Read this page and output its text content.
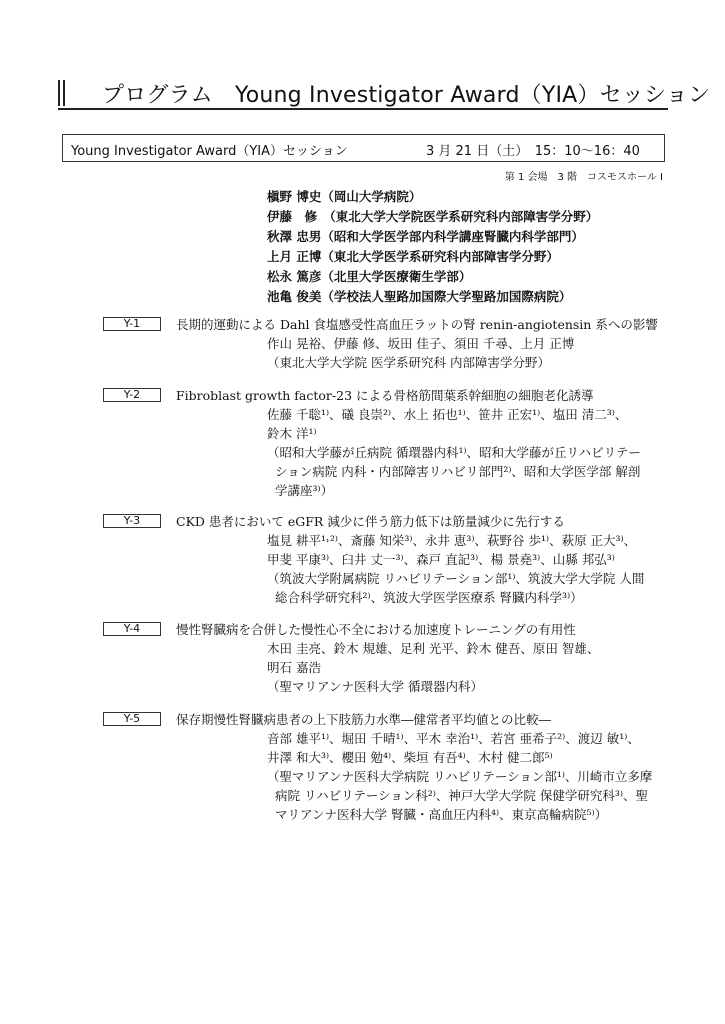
プログラム　Young Investigator Award（YIA）セッション
Young Investigator Award（YIA）セッション	3 月 21 日（土）　15：10〜16：40
第 1 会場　3 階　コスモスホール I
槇野 博史（岡山大学病院）
伊藤　修　（東北大学大学院医学系研究科内部障害学分野）
秋澤 忠男（昭和大学医学部内科学講座腎臓内科学部門）
上月 正博（東北大学医学系研究科内部障害学分野）
松永 篤彦（北里大学医療衛生学部）
池亀 俊美（学校法人聖路加国際大学聖路加国際病院）
Y-1	長期的運動による Dahl 食塩感受性高血圧ラットの腎 renin-angiotensin 系への影響
作山 晃裕、伊藤 修、坂田 佳子、須田 千尋、上月 正博
（東北大学大学院 医学系研究科 内部障害学分野）
Y-2	Fibroblast growth factor-23 による骨格筋間葉系幹細胞の細胞老化誘導
佐藤 千聡¹⁾、礒 良崇²⁾、水上 拓也¹⁾、笹井 正宏¹⁾、塩田 清二³⁾、
鈴木 洋¹⁾
（昭和大学藤が丘病院 循環器内科¹⁾、昭和大学藤が丘リハビリテー
ション病院 内科・内部障害リハビリ部門²⁾、昭和大学医学部 解剖
学講座³⁾）
Y-3	CKD 患者において eGFR 減少に伴う筋力低下は筋量減少に先行する
塩見 耕平¹˒²⁾、斎藤 知栄³⁾、永井 恵³⁾、萩野谷 歩¹⁾、萩原 正大³⁾、
甲斐 平康³⁾、臼井 丈一³⁾、森戸 直記³⁾、楊 景堯³⁾、山縣 邦弘³⁾
（筑波大学附属病院 リハビリテーション部¹⁾、筑波大学大学院 人間
総合科学研究科²⁾、筑波大学医学医療系 腎臓内科学³⁾）
Y-4	慢性腎臓病を合併した慢性心不全における加速度トレーニングの有用性
木田 圭亮、鈴木 規雄、足利 光平、鈴木 健吾、原田 智雄、
明石 嘉浩
（聖マリアンナ医科大学 循環器内科）
Y-5	保存期慢性腎臓病患者の上下肢筋力水準―健常者平均値との比較―
音部 雄平¹⁾、堀田 千晴¹⁾、平木 幸治¹⁾、若宮 亜希子²⁾、渡辺 敏¹⁾、
井澤 和大³⁾、櫻田 勉⁴⁾、柴垣 有吾⁴⁾、木村 健二郎⁵⁾
（聖マリアンナ医科大学病院 リハビリテーション部¹⁾、川崎市立多摩
病院 リハビリテーション科²⁾、神戸大学大学院 保健学研究科³⁾、聖
マリアンナ医科大学 腎臓・高血圧内科⁴⁾、東京高輪病院⁵⁾）
